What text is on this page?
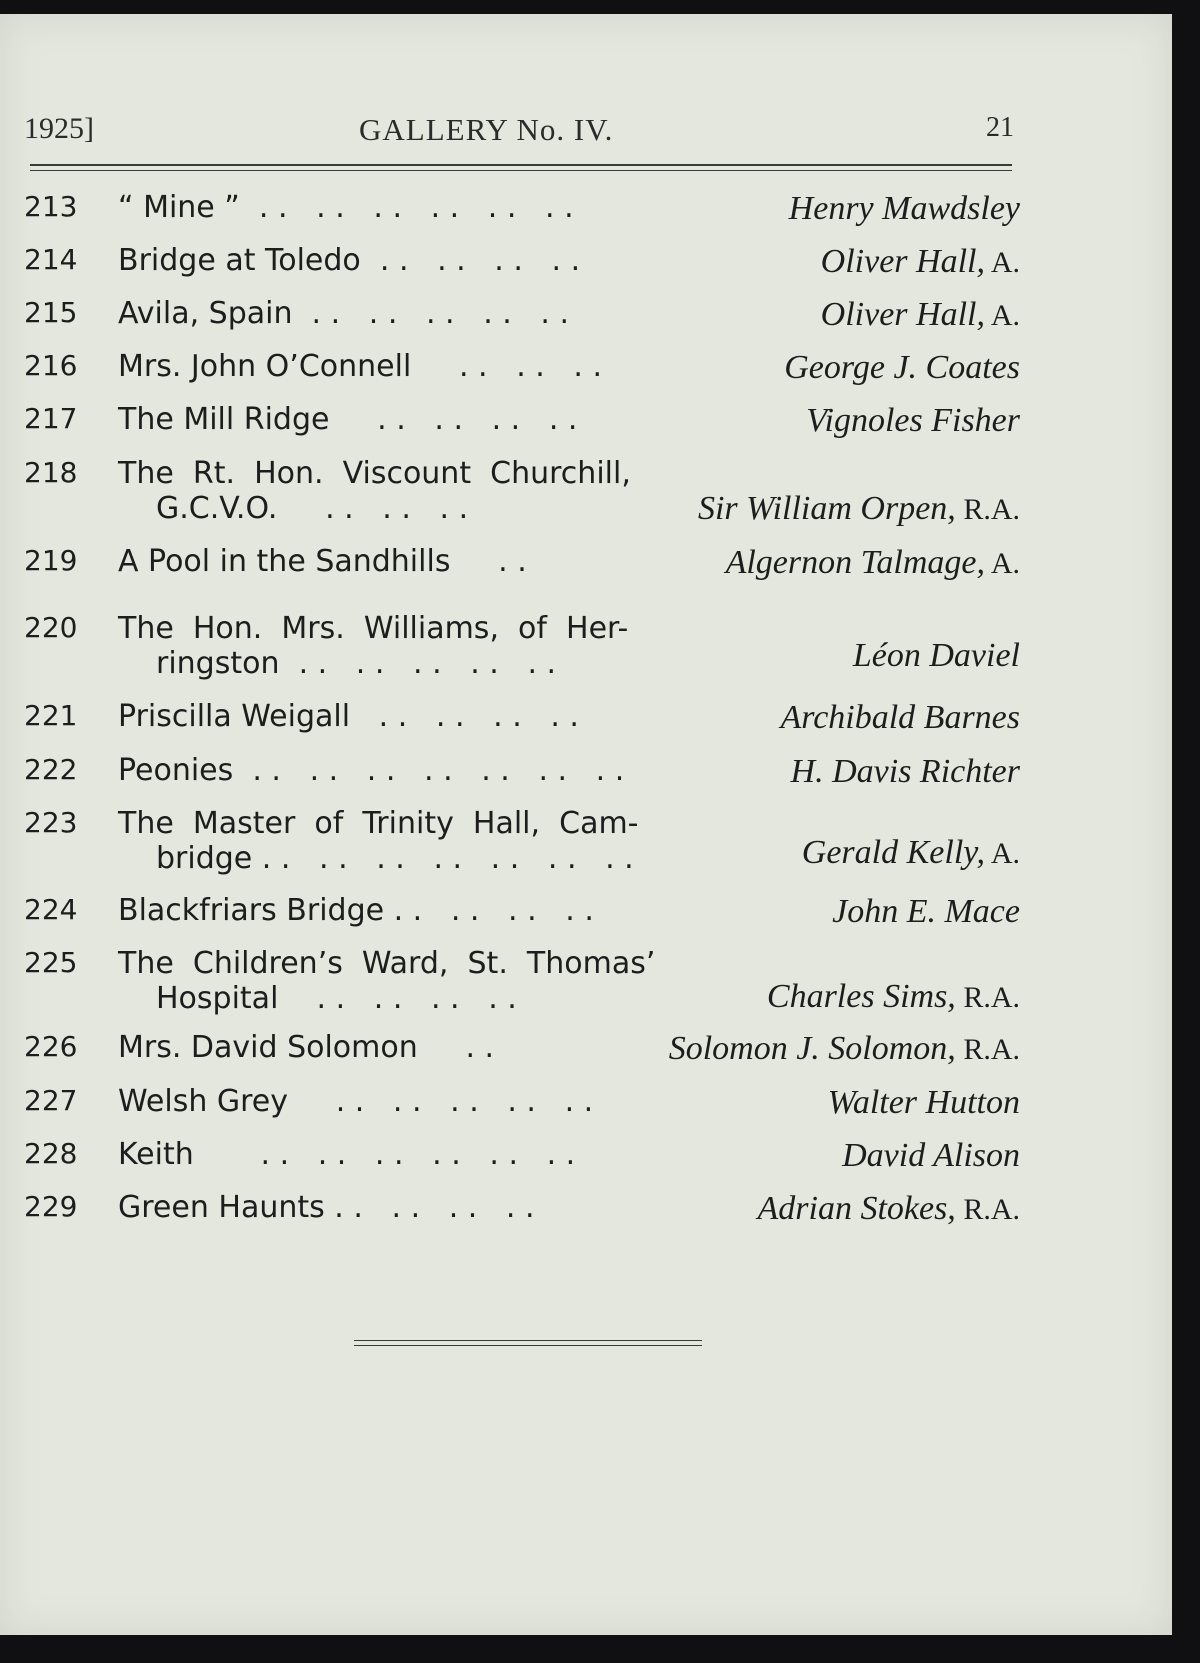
1925]	GALLERY No. IV.	21
213 “ Mine ”  . .   . .   . .   . .   . .   . .	Henry Mawdsley
214 Bridge at Toledo  . .   . .   . .   . .	Oliver Hall, A.
215 Avila, Spain  . .   . .   . .   . .   . .	Oliver Hall, A.
216 Mrs. John O’Connell     . .   . .   . .	George J. Coates
217 The Mill Ridge     . .   . .   . .   . .	Vignoles Fisher
218 The  Rt.  Hon.  Viscount  Churchill,
G.C.V.O.     . .   . .   . .	Sir William Orpen, R.A.
219 A Pool in the Sandhills     . .	Algernon Talmage, A.
220 The  Hon.  Mrs.  Williams,  of  Her-
ringston  . .   . .   . .   . .   . .	Léon Daviel
221 Priscilla Weigall   . .   . .   . .   . .	Archibald Barnes
222 Peonies  . .   . .   . .   . .   . .   . .   . .	H. Davis Richter
223 The  Master  of  Trinity  Hall,  Cam-
bridge . .   . .   . .   . .   . .   . .   . .	Gerald Kelly, A.
224 Blackfriars Bridge . .   . .   . .   . .	John E. Mace
225 The  Children’s  Ward,  St.  Thomas’
Hospital    . .   . .   . .   . .	Charles Sims, R.A.
226 Mrs. David Solomon     . .	Solomon J. Solomon, R.A.
227 Welsh Grey     . .   . .   . .   . .   . .	Walter Hutton
228 Keith       . .   . .   . .   . .   . .   . .	David Alison
229 Green Haunts . .   . .   . .   . .	Adrian Stokes, R.A.
